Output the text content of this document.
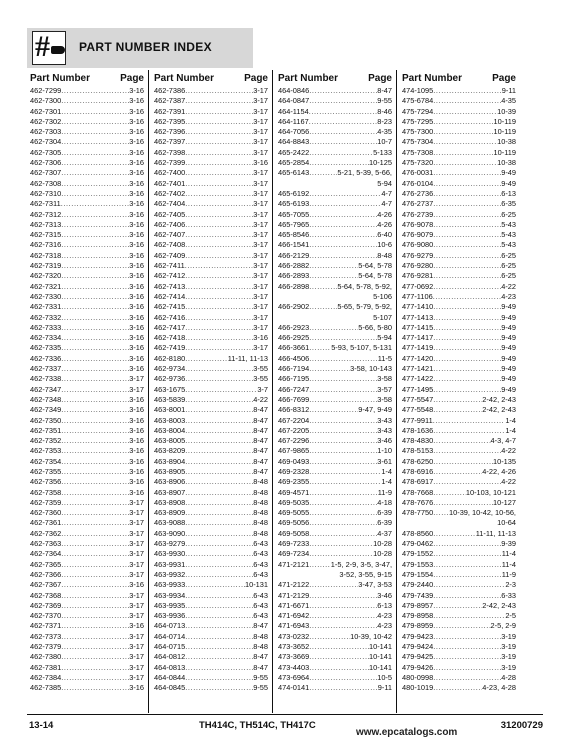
# PART NUMBER INDEX
Part Number	Page
462-7299 .....	3-16
462-7300 .....	3-16
462-7301 .....	3-16
462-7302 .....	3-16
462-7303 .....	3-16
462-7304 .....	3-16
462-7305 .....	3-16
462-7306 .....	3-16
462-7307 .....	3-16
462-7308 .....	3-16
462-7310 .....	3-16
462-7311 .....	3-16
462-7312 .....	3-16
462-7313 .....	3-16
462-7315 .....	3-16
462-7316 .....	3-16
462-7318 .....	3-16
462-7319 .....	3-16
462-7320 .....	3-16
462-7321 .....	3-16
462-7330 .....	3-16
462-7331 .....	3-16
462-7332 .....	3-16
462-7333 .....	3-16
462-7334 .....	3-16
462-7335 .....	3-16
462-7336 .....	3-16
462-7337 .....	3-16
462-7338 .....	3-17
462-7347 .....	3-17
462-7348 .....	3-16
462-7349 .....	3-16
462-7350 .....	3-16
462-7351 .....	3-16
462-7352 .....	3-16
462-7353 .....	3-16
462-7354 .....	3-16
462-7355 .....	3-16
462-7356 .....	3-16
462-7358 .....	3-16
462-7359 .....	3-17
462-7360 .....	3-17
462-7361 .....	3-17
462-7362 .....	3-17
462-7363 .....	3-17
462-7364 .....	3-17
462-7365 .....	3-17
462-7366 .....	3-17
462-7367 .....	3-16
462-7368 .....	3-17
462-7369 .....	3-17
462-7370 .....	3-17
462-7371 .....	3-16
462-7373 .....	3-17
462-7379 .....	3-17
462-7380 .....	3-17
462-7381 .....	3-17
462-7384 .....	3-17
462-7385 .....	3-16
Part Number	Page
462-7386 .....	3-17
462-7387 .....	3-17
462-7391 .....	3-17
462-7395 .....	3-17
462-7396 .....	3-17
462-7397 .....	3-17
462-7398 .....	3-17
462-7399 .....	3-16
462-7400 .....	3-17
462-7401 .....	3-17
462-7402 .....	3-17
462-7404 .....	3-17
462-7405 .....	3-17
462-7406 .....	3-17
462-7407 .....	3-17
462-7408 .....	3-17
462-7409 .....	3-17
462-7411 .....	3-17
462-7412 .....	3-17
462-7413 .....	3-17
462-7414 .....	3-17
462-7415 .....	3-17
462-7416 .....	3-17
462-7417 .....	3-17
462-7418 .....	3-16
462-7419 .....	3-17
462-8180 .....	11-11, 11-13
462-9734 .....	3-55
462-9736 .....	3-55
463-1675 .....	3-7
463-5839 .....	4-22
463-8001 .....	8-47
463-8003 .....	8-47
463-8004 .....	8-47
463-8005 .....	8-47
463-8209 .....	8-47
463-8904 .....	8-47
463-8905 .....	8-47
463-8906 .....	8-48
463-8907 .....	8-48
463-8908 .....	8-48
463-8909 .....	8-48
463-9088 .....	8-48
463-9090 .....	8-48
463-9279 .....	6-43
463-9930 .....	6-43
463-9931 .....	6-43
463-9932 .....	6-43
463-9933 .....	10-131
463-9934 .....	6-43
463-9935 .....	6-43
463-9936 .....	6-43
464-0713 .....	8-47
464-0714 .....	8-48
464-0715 .....	8-48
464-0812 .....	8-47
464-0813 .....	8-47
464-0844 .....	9-55
464-0845 .....	9-55
Part Number	Page
464-0846 .....	8-47
464-0847 .....	9-55
464-1154 .....	8-46
464-1167 .....	8-23
464-7056 .....	4-35
464-8843 .....	10-7
465-2422 .....	5-133
465-2854 .....	10-125
465-6143 .....	5-21, 5-39, 5-66,
5-94
465-6192 .....	4-7
465-6193 .....	4-7
465-7055 .....	4-26
465-7965 .....	4-26
465-8546 .....	6-40
466-1541 .....	10-6
466-2129 .....	8-48
466-2882 .....	5-64, 5-78
466-2893 .....	5-64, 5-78
466-2898 .....	5-64, 5-78, 5-92,
5-106
466-2902 .....	5-65, 5-79, 5-92,
5-107
466-2923 .....	5-66, 5-80
466-2925 .....	5-94
466-3661 .....	5-93, 5-107, 5-131
466-4506 .....	11-5
466-7194 .....	3-58, 10-143
466-7195 .....	3-58
466-7247 .....	3-57
466-7699 .....	3-58
466-8312 .....	9-47, 9-49
467-2204 .....	3-43
467-2205 .....	3-43
467-2296 .....	3-46
467-9865 .....	1-10
469-0493 .....	3-61
469-2328 .....	1-4
469-2355 .....	1-4
469-4571 .....	11-9
469-5035 .....	4-18
469-5055 .....	6-39
469-5056 .....	6-39
469-5058 .....	4-37
469-7233 .....	10-28
469-7234 .....	10-28
471-2121 .....	1-5, 2-9, 3-5, 3-47,
3-52, 3-55, 9-15
471-2122 .....	3-47, 3-53
471-2129 .....	3-46
471-6671 .....	6-13
471-6942 .....	4-23
471-6943 .....	4-23
473-0232 .....	10-39, 10-42
473-3652 .....	10-141
473-3669 .....	10-141
473-4403 .....	10-141
473-6964 .....	10-5
474-0141 .....	9-11
Part Number	Page
474-1095 .....	9-11
475-6784 .....	4-35
475-7294 .....	10-39
475-7295 .....	10-119
475-7300 .....	10-119
475-7304 .....	10-38
475-7308 .....	10-119
475-7320 .....	10-38
476-0031 .....	9-49
476-0104 .....	9-49
476-2736 .....	6-13
476-2737 .....	6-35
476-2739 .....	6-25
476-9078 .....	5-43
476-9079 .....	5-43
476-9080 .....	5-43
476-9279 .....	6-25
476-9280 .....	6-25
476-9281 .....	6-25
477-0692 .....	4-22
477-1106 .....	4-23
477-1410 .....	9-49
477-1413 .....	9-49
477-1415 .....	9-49
477-1417 .....	9-49
477-1419 .....	9-49
477-1420 .....	9-49
477-1421 .....	9-49
477-1422 .....	9-49
477-1495 .....	9-49
477-5547 .....	2-42, 2-43
477-5548 .....	2-42, 2-43
477-9911 .....	1-4
478-1636 .....	1-4
478-4830 .....	4-3, 4-7
478-5153 .....	4-22
478-6250 .....	10-135
478-6916 .....	4-22, 4-26
478-6917 .....	4-22
478-7668 .....	10-103, 10-121
478-7676 .....	10-127
478-7750 ..... 10-39, 10-42, 10-56,
10-64
478-8560 .....	11-11, 11-13
479-0462 .....	9-39
479-1552 .....	11-4
479-1553 .....	11-4
479-1554 .....	11-9
479-2440 .....	2-3
479-7439 .....	6-33
479-8957 .....	2-42, 2-43
479-8958 .....	2-5
479-8959 .....	2-5, 2-9
479-9423 .....	3-19
479-9424 .....	3-19
479-9425 .....	3-19
479-9426 .....	3-19
480-0998 .....	4-28
480-1019 .....	4-23, 4-28
13-14	TH414C, TH514C, TH417C	31200729
www.epcatalogs.com
